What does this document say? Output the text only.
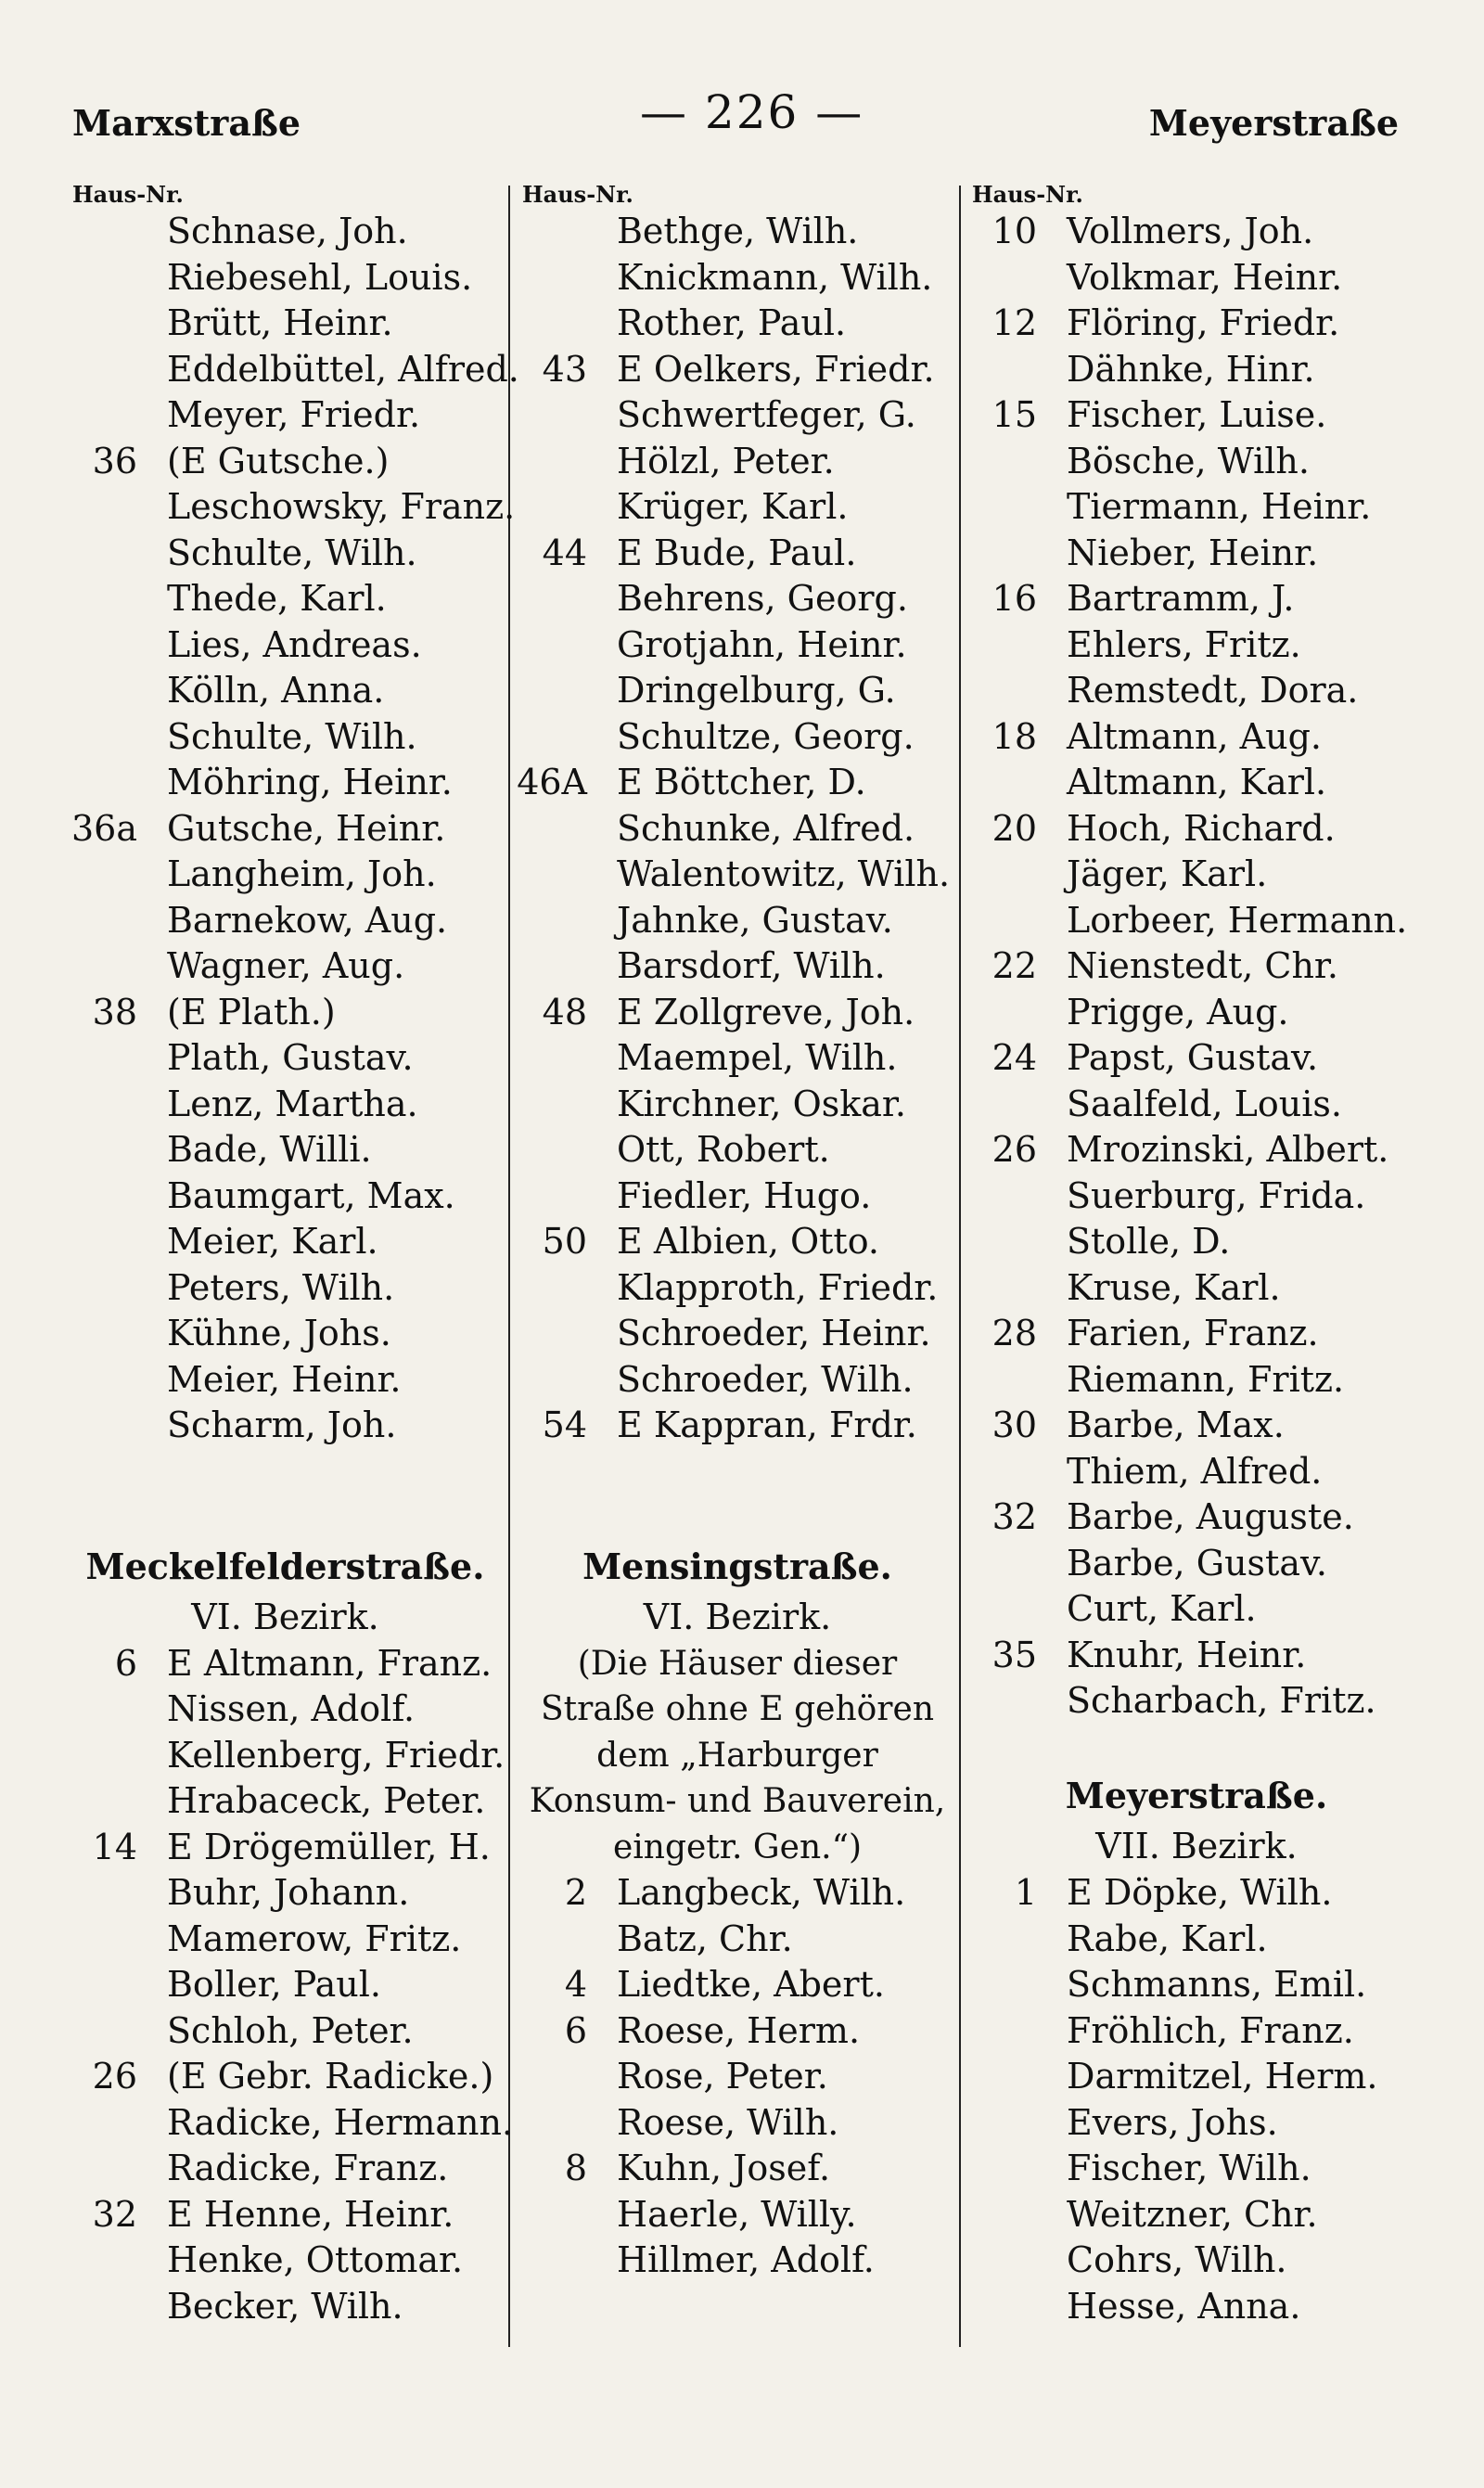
Marxstraße	— 226 —	Meyerstraße
Haus-Nr.
Schnase, Joh.
Riebesehl, Louis.
Brütt, Heinr.
Eddelbüttel, Alfred.
Meyer, Friedr.
36 (E Gutsche.)
Leschowsky, Franz.
Schulte, Wilh.
Thede, Karl.
Lies, Andreas.
Kölln, Anna.
Schulte, Wilh.
Möhring, Heinr.
36a Gutsche, Heinr.
Langheim, Joh.
Barnekow, Aug.
Wagner, Aug.
38 (E Plath.)
Plath, Gustav.
Lenz, Martha.
Bade, Willi.
Baumgart, Max.
Meier, Karl.
Peters, Wilh.
Kühne, Johs.
Meier, Heinr.
Scharm, Joh.
Meckelfelderstraße.
VI. Bezirk.
6 E Altmann, Franz.
Nissen, Adolf.
Kellenberg, Friedr.
Hrabaceck, Peter.
14 E Drögemüller, H.
Buhr, Johann.
Mamerow, Fritz.
Boller, Paul.
Schloh, Peter.
26 (E Gebr. Radicke.)
Radicke, Hermann.
Radicke, Franz.
32 E Henne, Heinr.
Henke, Ottomar.
Becker, Wilh.
Haus-Nr.
Bethge, Wilh.
Knickmann, Wilh.
Rother, Paul.
43 E Oelkers, Friedr.
Schwertfeger, G.
Hölzl, Peter.
Krüger, Karl.
44 E Bude, Paul.
Behrens, Georg.
Grotjahn, Heinr.
Dringelburg, G.
Schultze, Georg.
46A E Böttcher, D.
Schunke, Alfred.
Walentowitz, Wilh.
Jahnke, Gustav.
Barsdorf, Wilh.
48 E Zollgreve, Joh.
Maempel, Wilh.
Kirchner, Oskar.
Ott, Robert.
Fiedler, Hugo.
50 E Albien, Otto.
Klapproth, Friedr.
Schroeder, Heinr.
Schroeder, Wilh.
54 E Kappran, Frdr.
Mensingstraße.
VI. Bezirk.
(Die Häuser dieser Straße ohne E gehören dem „Harburger Konsum- und Bauverein, eingetr. Gen.“)
2 Langbeck, Wilh.
Batz, Chr.
4 Liedtke, Abert.
6 Roese, Herm.
Rose, Peter.
Roese, Wilh.
8 Kuhn, Josef.
Haerle, Willy.
Hillmer, Adolf.
Haus-Nr.
10 Vollmers, Joh.
Volkmar, Heinr.
12 Flöring, Friedr.
Dähnke, Hinr.
15 Fischer, Luise.
Bösche, Wilh.
Tiermann, Heinr.
Nieber, Heinr.
16 Bartramm, J.
Ehlers, Fritz.
Remstedt, Dora.
18 Altmann, Aug.
Altmann, Karl.
20 Hoch, Richard.
Jäger, Karl.
Lorbeer, Hermann.
22 Nienstedt, Chr.
Prigge, Aug.
24 Papst, Gustav.
Saalfeld, Louis.
26 Mrozinski, Albert.
Suerburg, Frida.
Stolle, D.
Kruse, Karl.
28 Farien, Franz.
Riemann, Fritz.
30 Barbe, Max.
Thiem, Alfred.
32 Barbe, Auguste.
Barbe, Gustav.
Curt, Karl.
35 Knuhr, Heinr.
Scharbach, Fritz.
Meyerstraße.
VII. Bezirk.
1 E Döpke, Wilh.
Rabe, Karl.
Schmanns, Emil.
Fröhlich, Franz.
Darmitzel, Herm.
Evers, Johs.
Fischer, Wilh.
Weitzner, Chr.
Cohrs, Wilh.
Hesse, Anna.
